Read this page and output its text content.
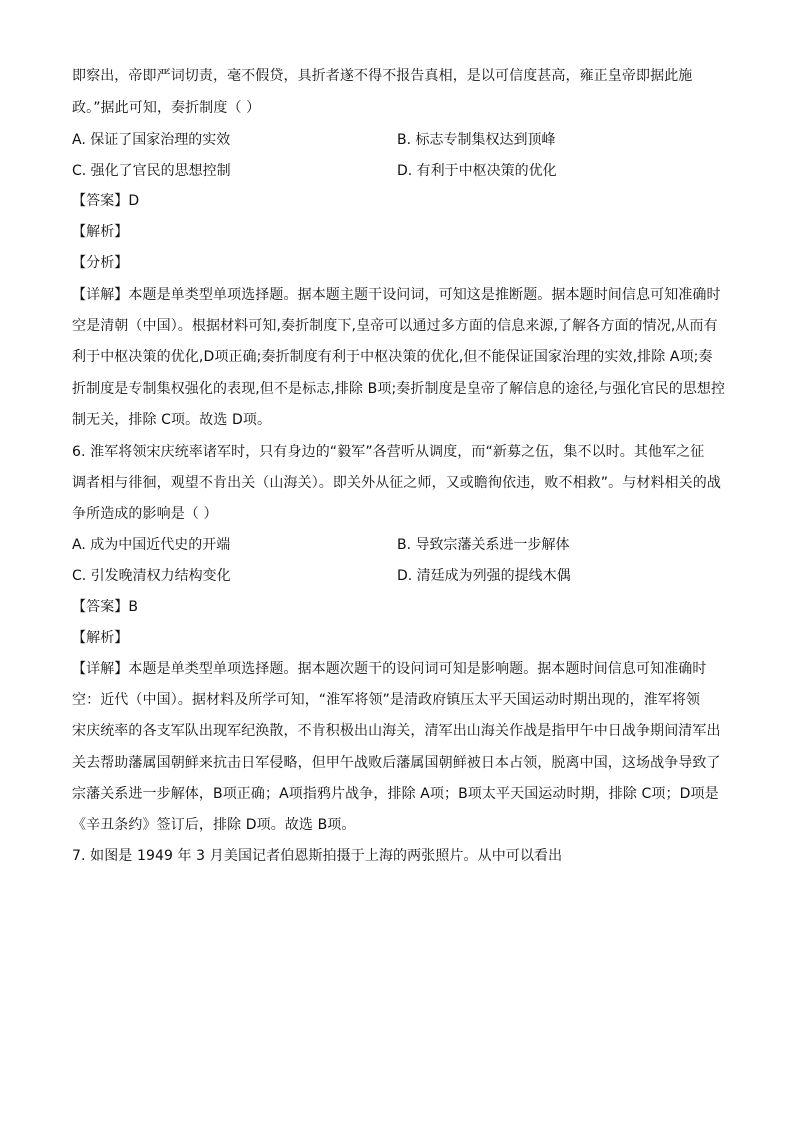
即察出，帝即严词切责，毫不假贷，具折者遂不得不报告真相，是以可信度甚高，雍正皇帝即据此施
政。”据此可知，奏折制度（ ）
A. 保证了国家治理的实效	B. 标志专制集权达到顶峰
C. 强化了官民的思想控制	D. 有利于中枢决策的优化
【答案】D
【解析】
【分析】
【详解】本题是单类型单项选择题。据本题主题干设问词，可知这是推断题。据本题时间信息可知准确时
空是清朝（中国）。根据材料可知,奏折制度下,皇帝可以通过多方面的信息来源,了解各方面的情况,从而有
利于中枢决策的优化,D项正确;奏折制度有利于中枢决策的优化,但不能保证国家治理的实效,排除 A项;奏
折制度是专制集权强化的表现,但不是标志,排除 B项;奏折制度是皇帝了解信息的途径,与强化官民的思想控
制无关，排除 C项。故选 D项。
6. 淮军将领宋庆统率诸军时，只有身边的“毅军”各营听从调度，而“新募之伍，集不以时。其他军之征
调者相与徘徊，观望不肯出关（山海关）。即关外从征之师，又或瞻徇依违，败不相救”。与材料相关的战
争所造成的影响是（ ）
A. 成为中国近代史的开端	B. 导致宗藩关系进一步解体
C. 引发晚清权力结构变化	D. 清廷成为列强的提线木偶
【答案】B
【解析】
【详解】本题是单类型单项选择题。据本题次题干的设问词可知是影响题。据本题时间信息可知准确时
空：近代（中国）。据材料及所学可知，“淮军将领”是清政府镇压太平天国运动时期出现的，淮军将领
宋庆统率的各支军队出现军纪涣散，不肯积极出山海关，清军出山海关作战是指甲午中日战争期间清军出
关去帮助藩属国朝鲜来抗击日军侵略，但甲午战败后藩属国朝鲜被日本占领，脱离中国，这场战争导致了
宗藩关系进一步解体，B项正确；A项指鸦片战争，排除 A项；B项太平天国运动时期，排除 C项；D项是
《辛丑条约》签订后，排除 D项。故选 B项。
7. 如图是 1949 年 3 月美国记者伯恩斯拍摄于上海的两张照片。从中可以看出
